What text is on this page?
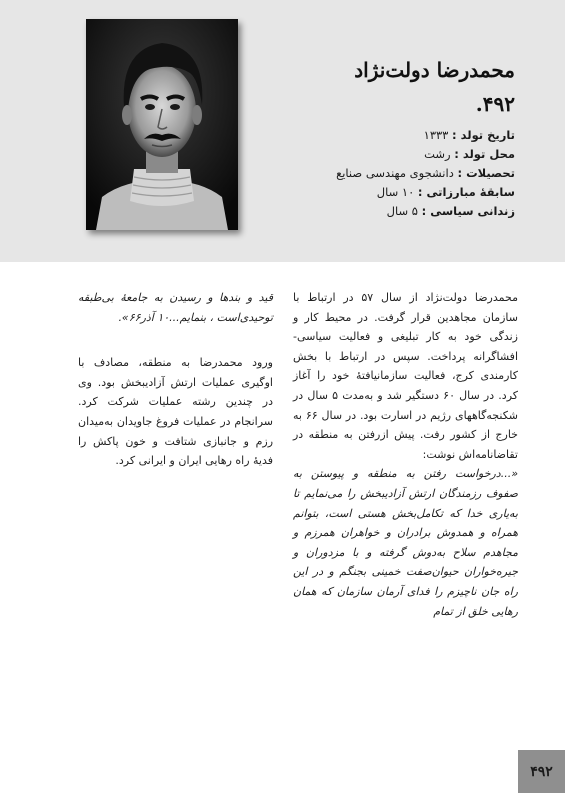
محمدرضا دولت‌نژاد
۴۹۲.
تاریخ تولد : ۱۳۳۳
محل تولد : رشت
تحصیلات : دانشجوی مهندسی صنایع
سابقهٔ مبارزاتی : ۱۰ سال
زندانی سیاسی : ۵ سال

محمدرضا دولت‌نژاد از سال ۵۷ در ارتباط با سازمان مجاهدین قرار گرفت. در محیط کار و زندگی خود به کار تبلیغی و فعالیت سیاسی- افشاگرانه پرداخت. سپس در ارتباط با بخش کارمندی کرج، فعالیت سازمانیافتهٔ خود را آغاز کرد. در سال ۶۰ دستگیر شد و به‌مدت ۵ سال در شکنجه‌گاههای رژیم در اسارت بود. در سال ۶۶ به خارج از کشور رفت. پیش ازرفتن به منطقه در تقاضانامه‌اش نوشت:

«...درخواست رفتن به منطقه و پیوستن به صفوف رزمندگان ارتش آزادیبخش را می‌نمایم تا به‌یاری خدا که تکامل‌بخش هستی است، بتوانم همراه و همدوش برادران و خواهران همرزم و مجاهدم سلاح به‌دوش گرفته و با مزدوران و جیره‌خواران حیوان‌صفت خمینی بجنگم و در این راه جان ناچیزم را فدای آرمان سازمان که همان رهایی خلق از تمام

قید و بندها و رسیدن به جامعهٔ بی‌طبقه توحیدی‌است ، بنمایم...۱۰ آذر۶۶».

ورود محمدرضا به منطقه، مصادف با اوگیری عملیات ارتش آزادیبخش بود. وی در چندین رشته عملیات شرکت کرد. سرانجام در عملیات فروغ جاویدان به‌میدان رزم و جانبازی شتافت و خون پاکش را فدیهٔ راه رهایی ایران و ایرانی کرد.

۴۹۲
